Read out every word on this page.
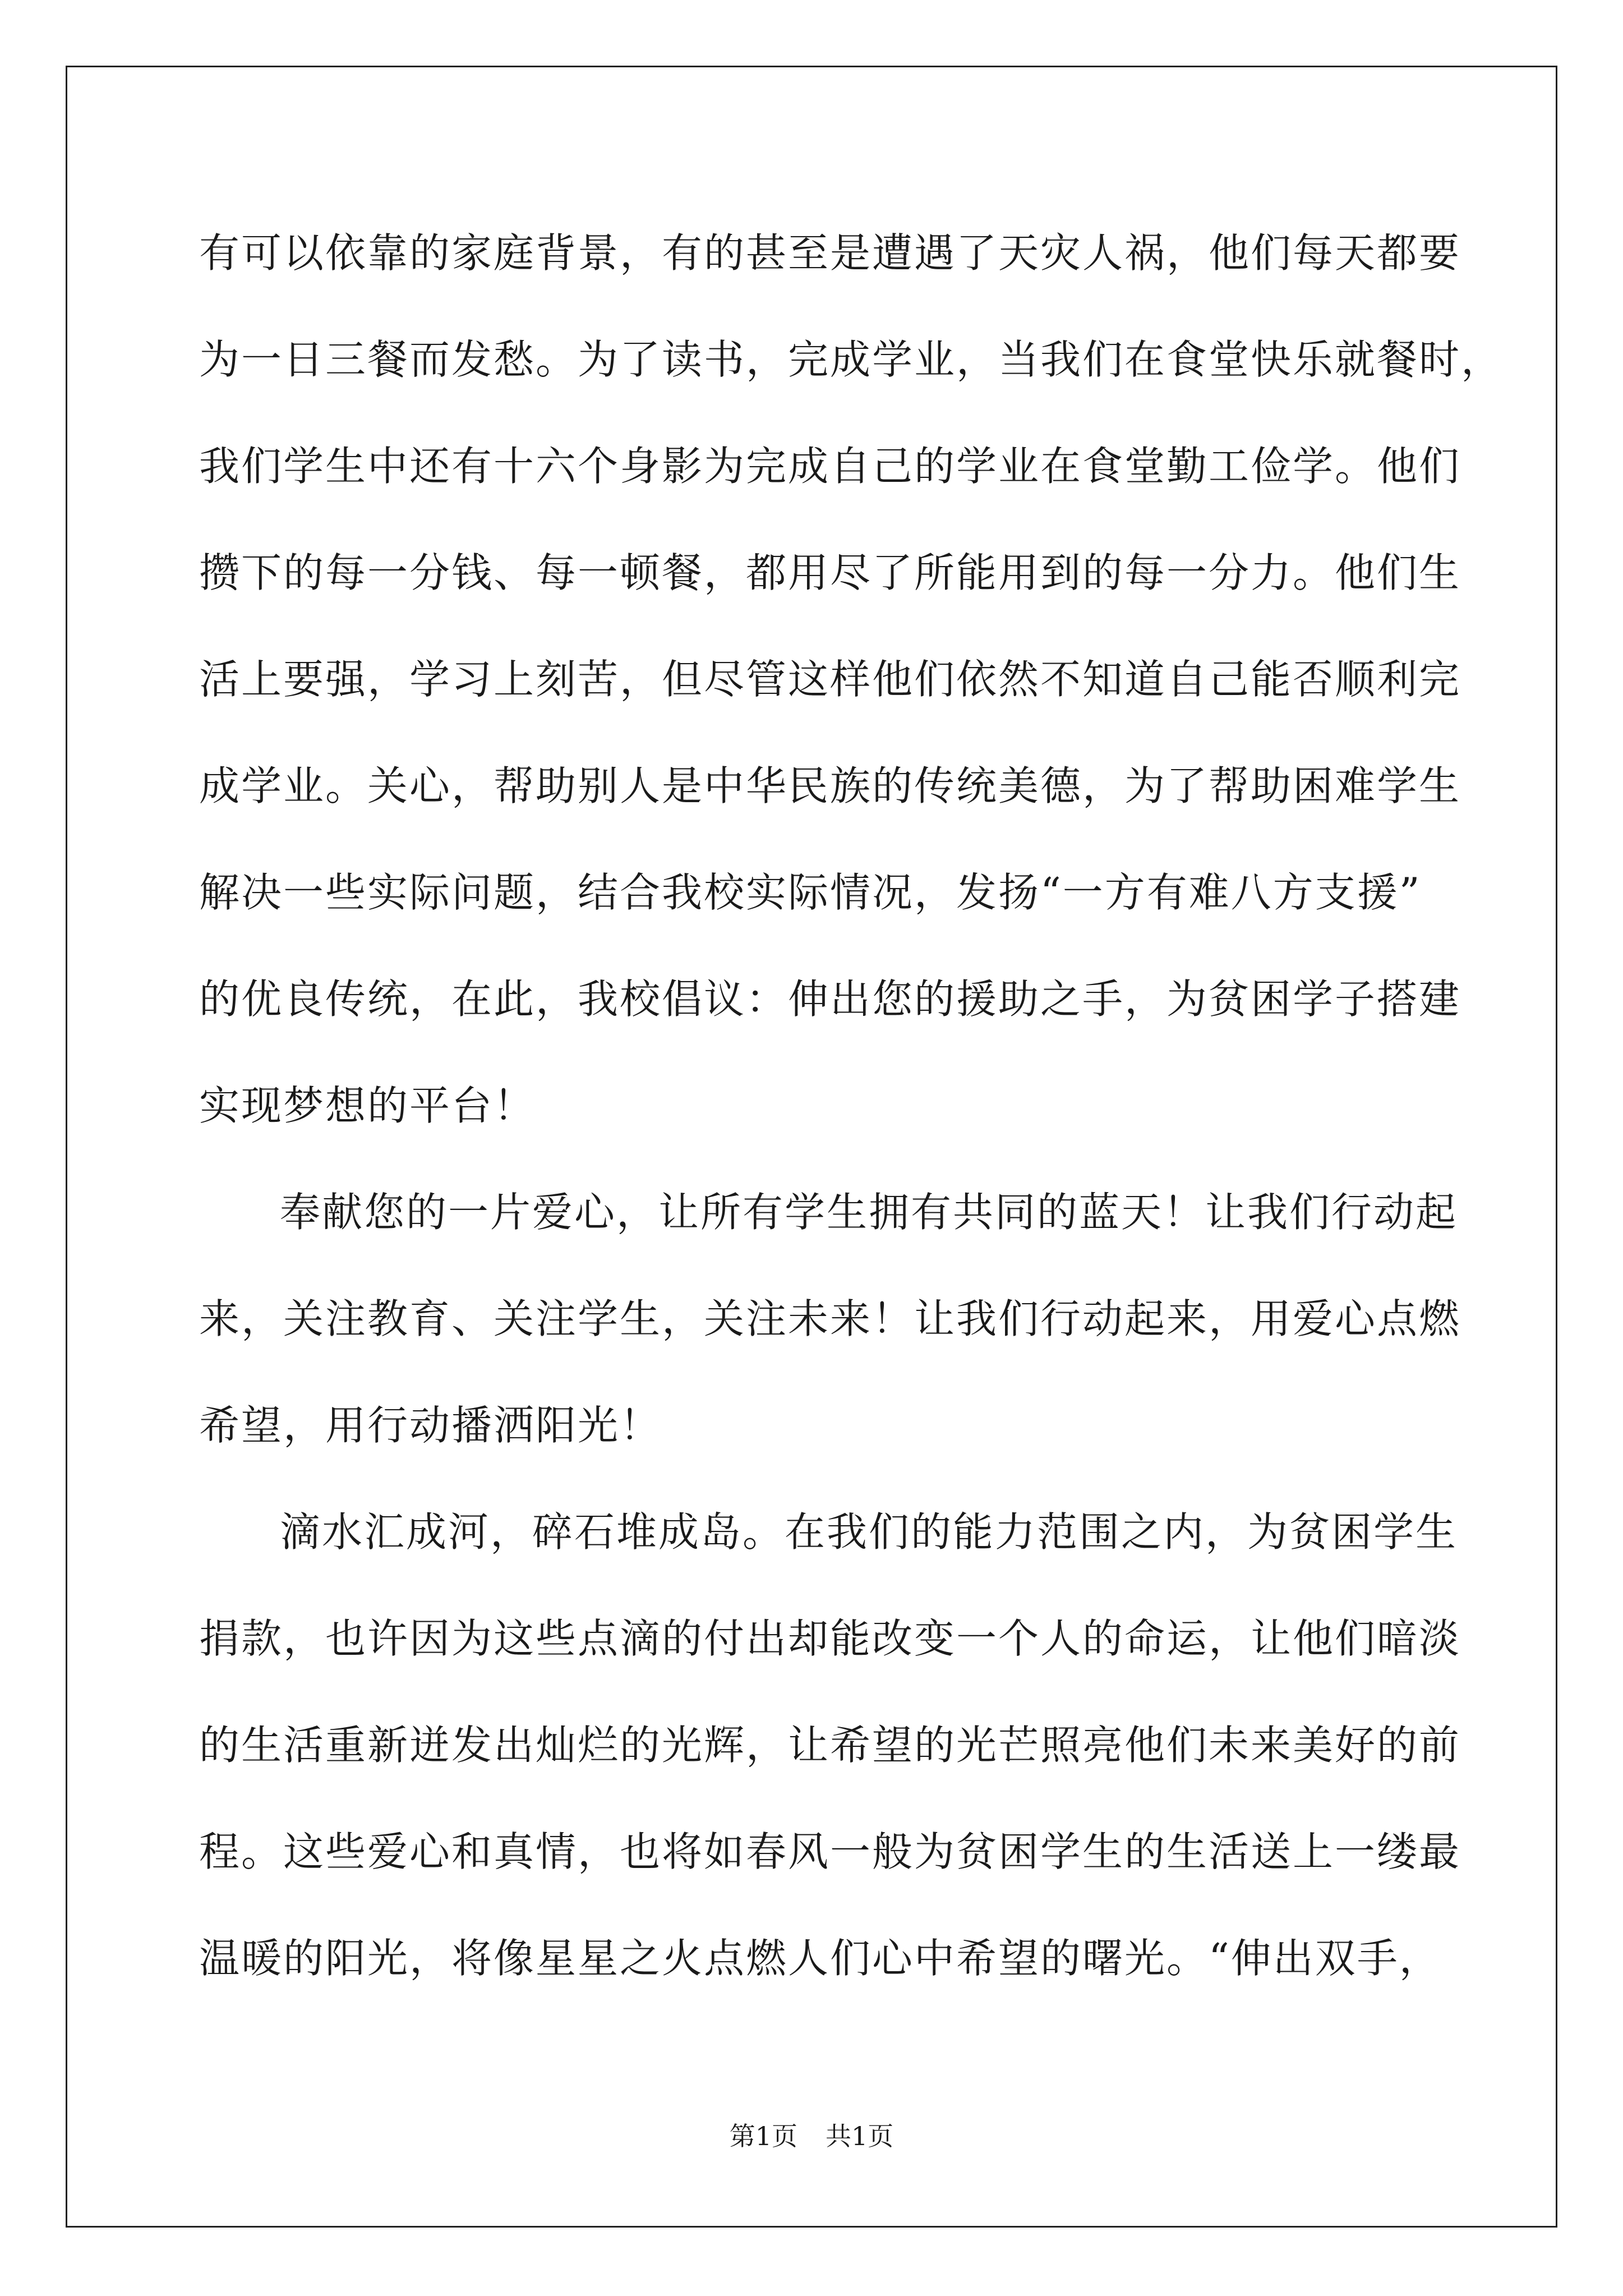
有可以依靠的家庭背景，有的甚至是遭遇了天灾人祸，他们每天都要
为一日三餐而发愁。为了读书，完成学业，当我们在食堂快乐就餐时，
我们学生中还有十六个身影为完成自己的学业在食堂勤工俭学。他们
攒下的每一分钱、每一顿餐，都用尽了所能用到的每一分力。他们生
活上要强，学习上刻苦，但尽管这样他们依然不知道自己能否顺利完
成学业。关心，帮助别人是中华民族的传统美德，为了帮助困难学生
解决一些实际问题，结合我校实际情况，发扬“一方有难八方支援”
的优良传统，在此，我校倡议：伸出您的援助之手，为贫困学子搭建
实现梦想的平台！
奉献您的一片爱心，让所有学生拥有共同的蓝天！让我们行动起
来，关注教育、关注学生，关注未来！让我们行动起来，用爱心点燃
希望，用行动播洒阳光！
滴水汇成河，碎石堆成岛。在我们的能力范围之内，为贫困学生
捐款，也许因为这些点滴的付出却能改变一个人的命运，让他们暗淡
的生活重新迸发出灿烂的光辉，让希望的光芒照亮他们未来美好的前
程。这些爱心和真情，也将如春风一般为贫困学生的生活送上一缕最
温暖的阳光，将像星星之火点燃人们心中希望的曙光。“伸出双手，
第1页 共1页
